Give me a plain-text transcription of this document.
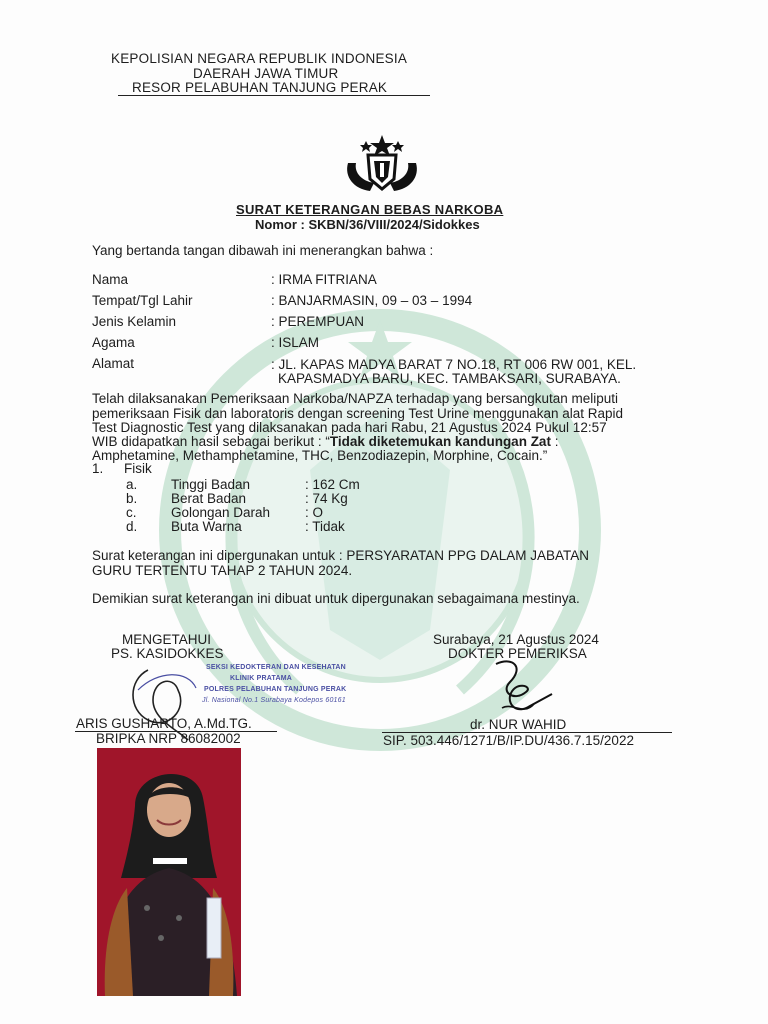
KEPOLISIAN NEGARA REPUBLIK INDONESIA
DAERAH JAWA TIMUR
RESOR PELABUHAN TANJUNG PERAK
SURAT KETERANGAN BEBAS NARKOBA
Nomor : SKBN/36/VIII/2024/Sidokkes
Yang bertanda tangan dibawah ini menerangkan bahwa :
Nama	: IRMA FITRIANA
Tempat/Tgl Lahir	: BANJARMASIN, 09 – 03 – 1994
Jenis Kelamin	: PEREMPUAN
Agama	: ISLAM
Alamat	: JL. KAPAS MADYA BARAT 7 NO.18, RT 006 RW 001, KEL.
KAPASMADYA BARU, KEC. TAMBAKSARI, SURABAYA.
Telah dilaksanakan Pemeriksaan Narkoba/NAPZA terhadap yang bersangkutan meliputi
pemeriksaan Fisik dan laboratoris dengan screening Test Urine menggunakan alat Rapid
Test Diagnostic Test yang dilaksanakan pada hari Rabu, 21 Agustus 2024 Pukul 12:57
WIB didapatkan hasil sebagai berikut : “Tidak diketemukan kandungan Zat :
Amphetamine, Methamphetamine, THC, Benzodiazepin, Morphine, Cocain.”
1. Fisik
a. Tinggi Badan	: 162 Cm
b. Berat Badan	: 74 Kg
c.	Golongan Darah	: O
d. Buta Warna	: Tidak
Surat keterangan ini dipergunakan untuk : PERSYARATAN PPG DALAM JABATAN
GURU TERTENTU TAHAP 2 TAHUN 2024.
Demikian surat keterangan ini dibuat untuk dipergunakan sebagaimana mestinya.
MENGETAHUI
PS. KASIDOKKES
SEKSI KEDOKTERAN DAN KESEHATAN
KLINIK PRATAMA
POLRES PELABUHAN TANJUNG PERAK
Jl. Nasional No.1 Surabaya Kodepos 60161
ARIS GUSHARTO, A.Md.TG.
BRIPKA NRP 86082002
Surabaya, 21 Agustus 2024
DOKTER PEMERIKSA
dr. NUR WAHID
SIP. 503.446/1271/B/IP.DU/436.7.15/2022
